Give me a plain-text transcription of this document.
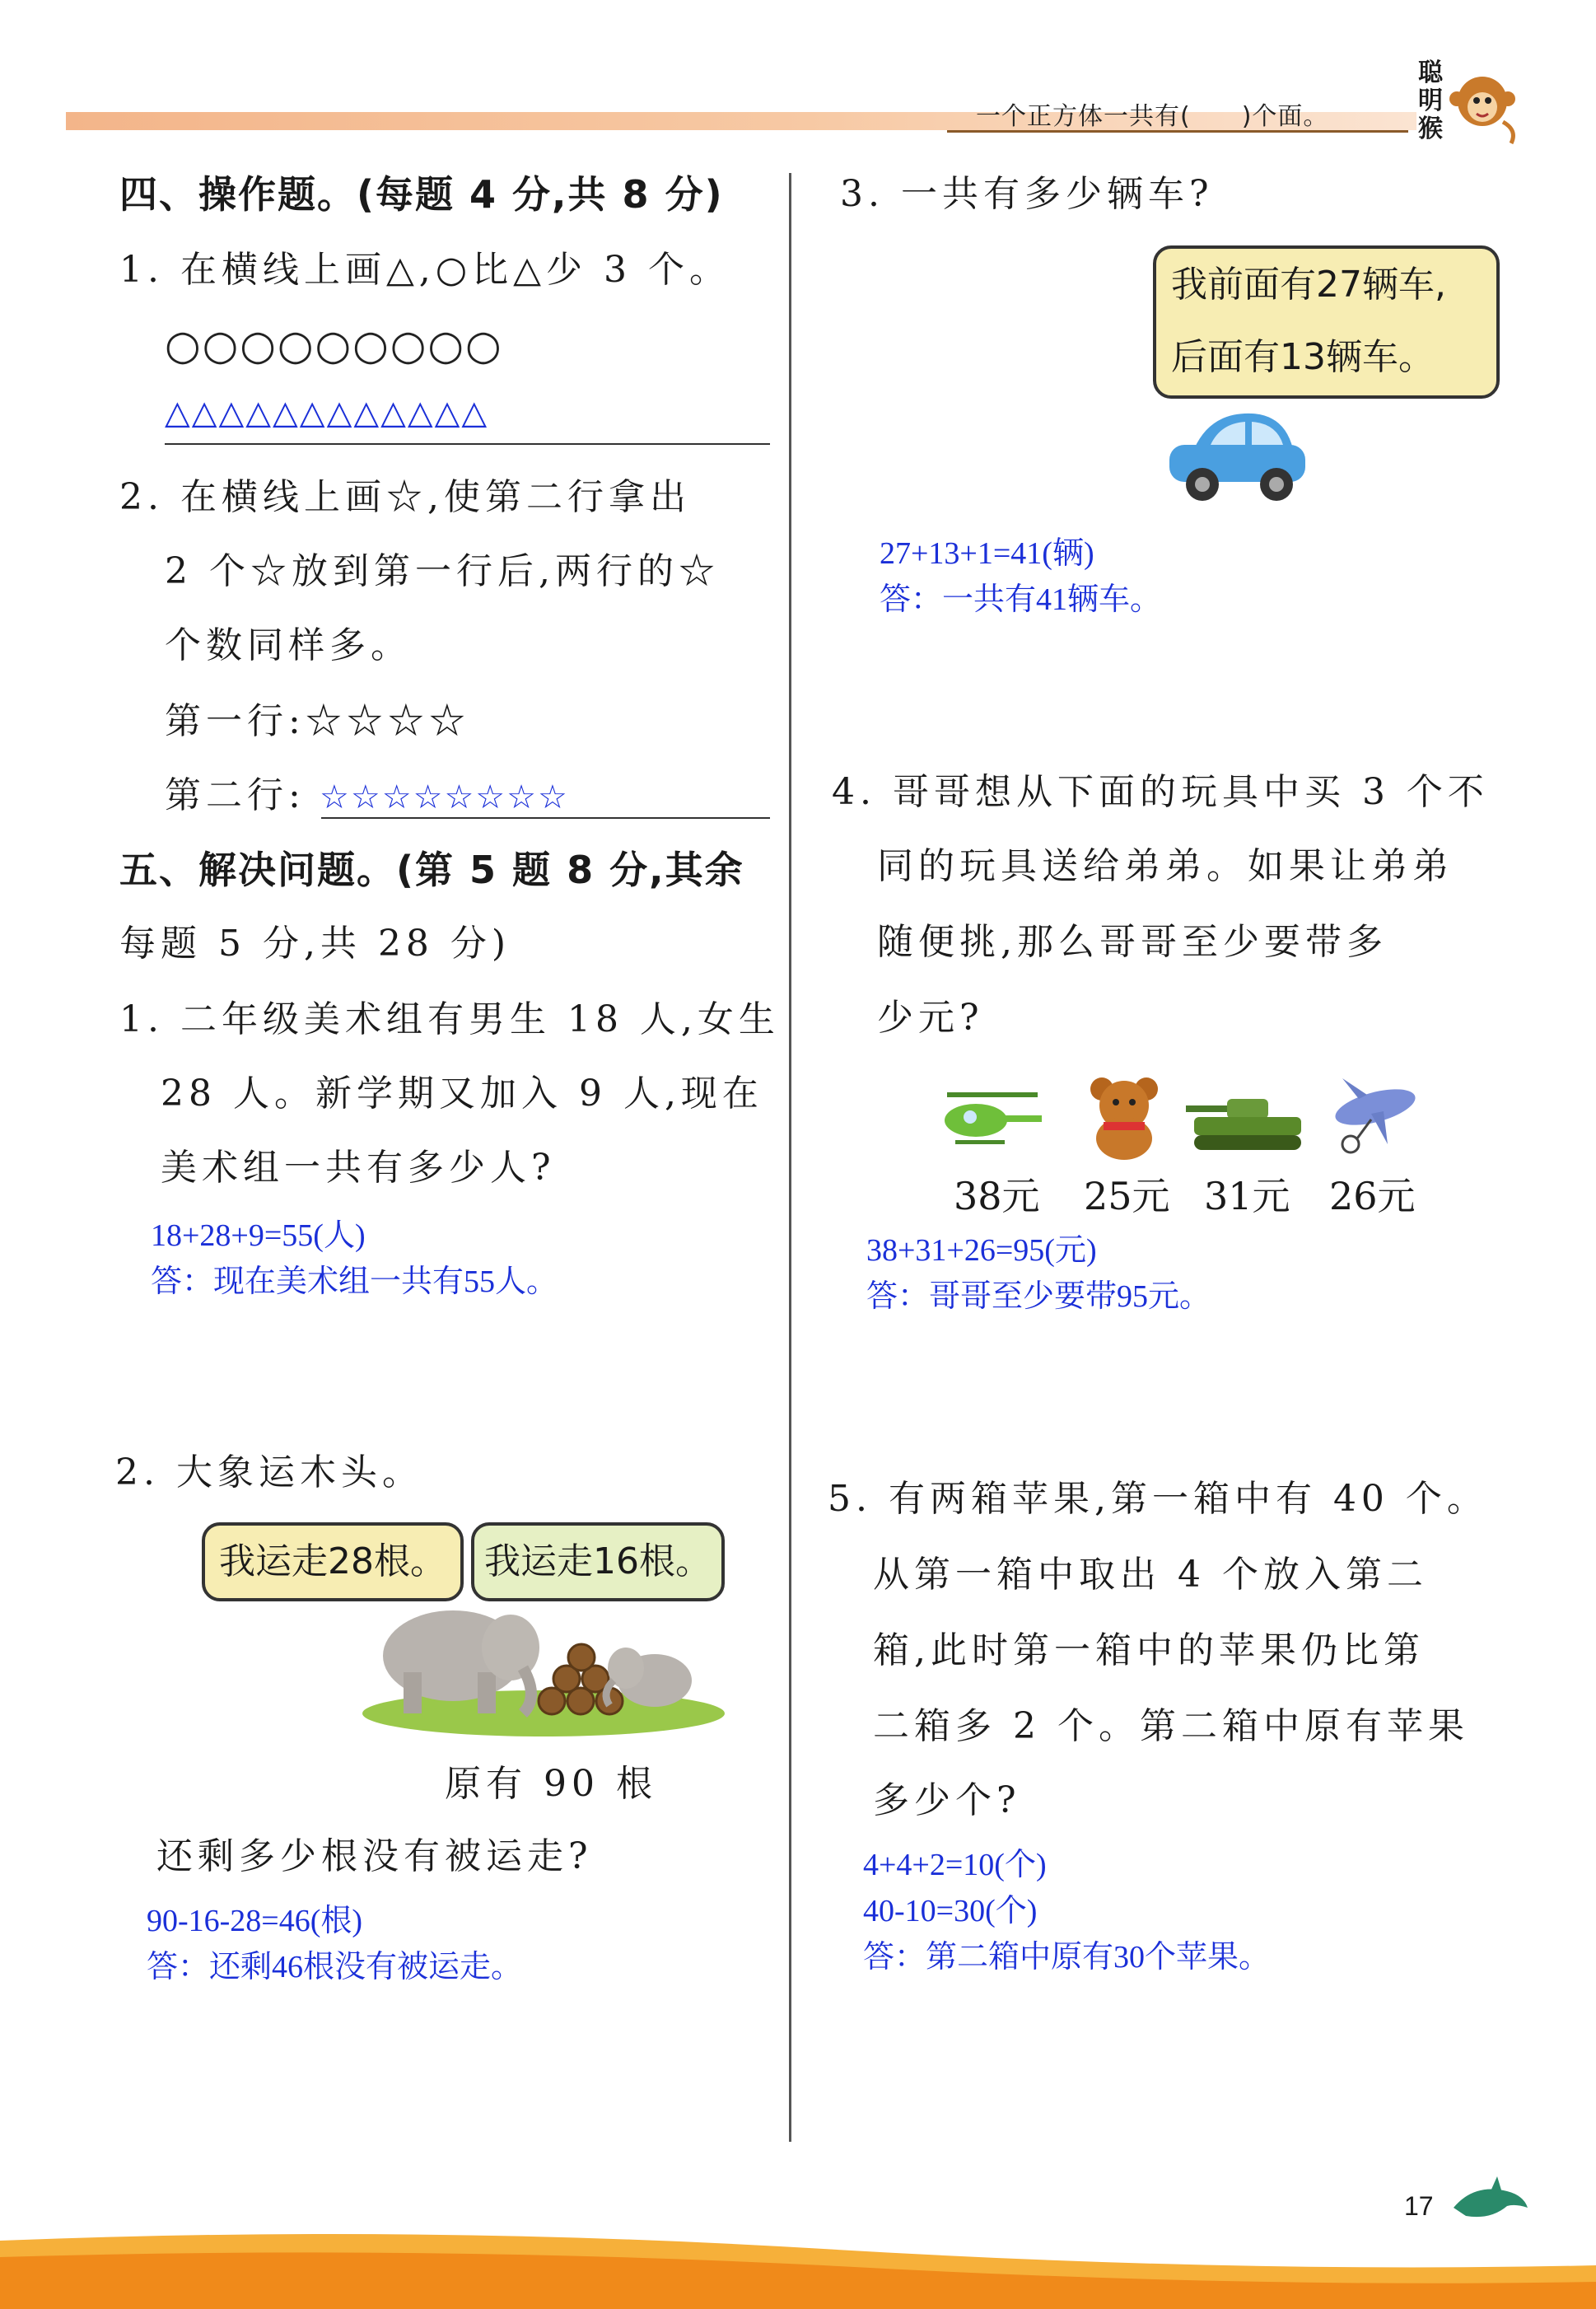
一个正方体一共有(　　)个面。
聪明猴
四、操作题。(每题 4 分,共 8 分)
1. 在横线上画△,○比△少 3 个。
○○○○○○○○○
△△△△△△△△△△△△
2. 在横线上画☆,使第二行拿出
2 个☆放到第一行后,两行的☆
个数同样多。
第一行:☆☆☆☆
第二行: ☆☆☆☆☆☆☆☆
五、解决问题。(第 5 题 8 分,其余
每题 5 分,共 28 分)
1. 二年级美术组有男生 18 人,女生
28 人。新学期又加入 9 人,现在
美术组一共有多少人?
18+28+9=55(人)
答：现在美术组一共有55人。
2. 大象运木头。
我运走28根。	我运走16根。
原有 90 根
还剩多少根没有被运走?
90-16-28=46(根)
答：还剩46根没有被运走。
3. 一共有多少辆车?
我前面有27辆车,
后面有13辆车。
27+13+1=41(辆)
答：一共有41辆车。
4. 哥哥想从下面的玩具中买 3 个不
同的玩具送给弟弟。如果让弟弟
随便挑,那么哥哥至少要带多
少元?
38元 25元 31元 26元
38+31+26=95(元)
答：哥哥至少要带95元。
5. 有两箱苹果,第一箱中有 40 个。
从第一箱中取出 4 个放入第二
箱,此时第一箱中的苹果仍比第
二箱多 2 个。第二箱中原有苹果
多少个?
4+4+2=10(个)
40-10=30(个)
答：第二箱中原有30个苹果。
17
